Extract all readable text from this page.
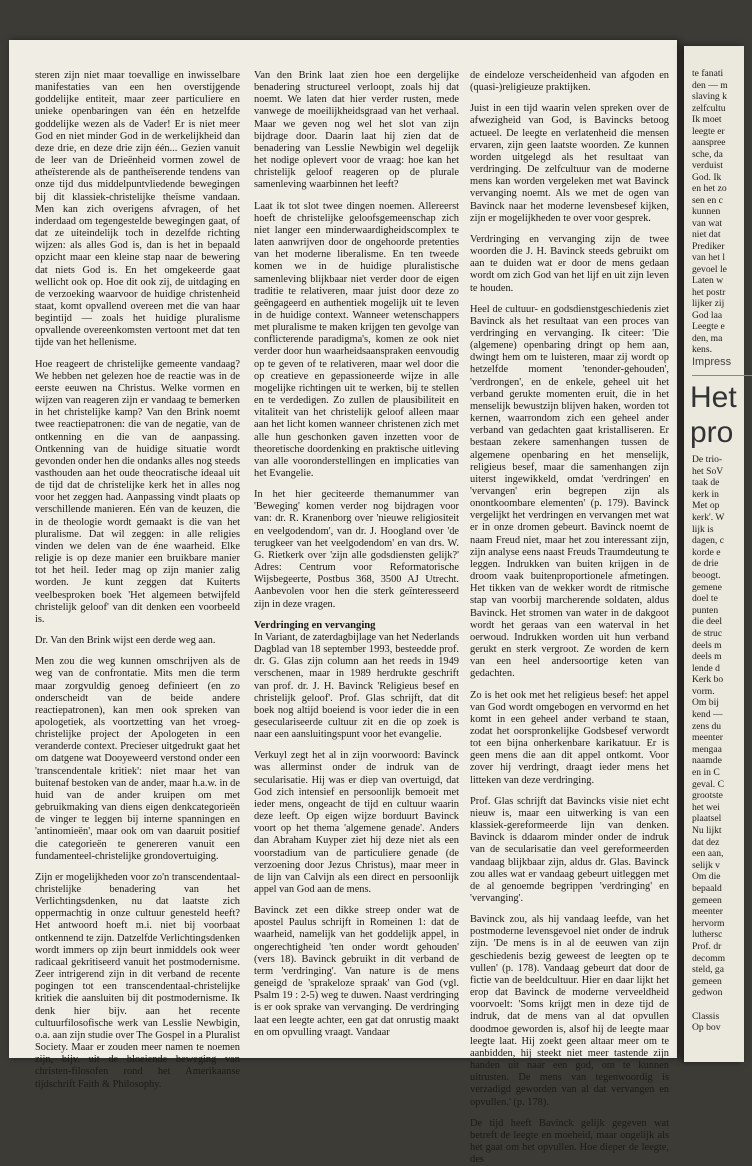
steren zijn niet maar toevallige en inwisselbare manifestaties van een hen overstijgende goddelijke entiteit, maar zeer particuliere en unieke openbaringen van één en hetzelfde goddelijke wezen als de Vader! Er is niet meer God en niet minder God in de werkelijkheid dan deze drie, en deze drie zijn één... Gezien vanuit de leer van de Drieënheid vormen zowel de atheïsterende als de pantheïserende tendens van onze tijd dus middelpuntvliedende bewegingen bij dit klassiek-christelijke theïsme vandaan. Men kan zich overigens afvragen, of het inderdaad om tegengestelde bewegingen gaat, of dat ze uiteindelijk toch in dezelfde richting wijzen: als alles God is, dan is het in bepaald opzicht maar een kleine stap naar de bewering dat niets God is. En het omgekeerde gaat wellicht ook op. Hoe dit ook zij, de uitdaging en de verzoeking waarvoor de huidige christenheid staat, komt opvallend overeen met die van haar begintijd — zoals het huidige pluralisme opvallende overeenkomsten vertoont met dat ten tijde van het hellenisme.

Hoe reageert de christelijke gemeente vandaag? We hebben net gelezen hoe de reactie was in de eerste eeuwen na Christus. Welke vormen en wijzen van reageren zijn er vandaag te bemerken in het christelijke kamp? Van den Brink noemt twee reactiepatronen: die van de negatie, van de ontkenning en die van de aanpassing. Ontkenning van de huidige situatie wordt gevonden onder hen die ondanks alles nog steeds vasthouden aan het oude theocratische ideaal uit de tijd dat de christelijke kerk het in alles nog voor het zeggen had. Aanpassing vindt plaats op verschillende manieren. Eén van de keuzen, die in de theologie wordt gemaakt is die van het pluralisme. Dat wil zeggen: in alle religies vinden we delen van de éne waarheid. Elke religie is op deze manier een bruikbare manier tot het heil. Ieder mag op zijn manier zalig worden. Je kunt zeggen dat Kuiterts veelbesproken boek 'Het algemeen betwijfeld christelijk geloof' van dit denken een voorbeeld is.

Dr. Van den Brink wijst een derde weg aan.

Men zou die weg kunnen omschrijven als de weg van de confrontatie. Mits men die term maar zorgvuldig genoeg definieert (en zo onderscheidt van de beide andere reactiepatronen), kan men ook spreken van apologetiek, als voortzetting van het vroeg-christelijke project der Apologeten in een veranderde context. Precieser uitgedrukt gaat het om datgene wat Dooyeweerd verstond onder een 'transcendentale kritiek': niet maar het van buitenaf bestoken van de ander, maar h.a.w. in de huid van de ander kruipen om met gebruikmaking van diens eigen denkcategorieën de vinger te leggen bij interne spanningen en 'antinomieën', maar ook om van daaruit positief die categorieën te genereren vanuit een fundamenteel-christelijke grondovertuiging.

Zijn er mogelijkheden voor zo'n transcendentaal-christelijke benadering van het Verlichtingsdenken, nu dat laatste zich oppermachtig in onze cultuur genesteld heeft? Het antwoord hoeft m.i. niet bij voorbaat ontkennend te zijn. Datzelfde Verlichtingsdenken wordt immers op zijn beurt inmiddels ook weer radicaal gekritiseerd vanuit het postmodernisme. Zeer intrigerend zijn in dit verband de recente pogingen tot een transcendentaal-christelijke kritiek die aansluiten bij dit postmodernisme. Ik denk hier bijv. aan het recente cultuurfilosofische werk van Lesslie Newbigin, o.a. aan zijn studie over The Gospel in a Pluralist Society. Maar er zouden meer namen te noemen zijn, bijv. uit de bloeiende beweging van christen-filosofen rond het Amerikaanse tijdschrift Faith & Philosophy.

Van den Brink laat zien hoe een dergelijke benadering structureel verloopt, zoals hij dat noemt. We laten dat hier verder rusten, mede vanwege de moeilijkheidsgraad van het verhaal. Maar we geven nog wel het slot van zijn bijdrage door. Daarin laat hij zien dat de benadering van Lesslie Newbigin wel degelijk het nodige oplevert voor de vraag: hoe kan het christelijk geloof reageren op de plurale samenleving waarbinnen het leeft?

Laat ik tot slot twee dingen noemen. Allereerst hoeft de christelijke geloofsgemeenschap zich niet langer een minderwaardigheidscomplex te laten aanwrijven door de ongehoorde pretenties van het moderne liberalisme. En ten tweede komen we in de huidige pluralistische samenleving blijkbaar niet verder door de eigen traditie te relativeren, maar juist door deze zo geëngageerd en authentiek mogelijk uit te leven in de huidige context. Wanneer wetenschappers met pluralisme te maken krijgen ten gevolge van conflicterende paradigma's, komen ze ook niet verder door hun waarheidsaanspraken eenvoudig op te geven of te relativeren, maar wel door die op creatieve en gepassioneerde wijze in alle mogelijke richtingen uit te werken, bij te stellen en te verdedigen. Zo zullen de plausibiliteit en vitaliteit van het christelijk geloof alleen maar aan het licht komen wanneer christenen zich met alle hun geschonken gaven inzetten voor de theoretische doordenking en praktische uitleving van alle vooronderstellingen en implicaties van het Evangelie.

In het hier geciteerde themanummer van 'Beweging' komen verder nog bijdragen voor van: dr. R. Kranenborg over 'nieuwe religiositeit en veelgodendom', van dr. J. Hoogland over 'de terugkeer van het veelgodendom' en van drs. W. G. Rietkerk over 'zijn alle godsdiensten gelijk?' Adres: Centrum voor Reformatorische Wijsbegeerte, Postbus 368, 3500 AJ Utrecht. Aanbevolen voor hen die sterk geïnteresseerd zijn in deze vragen.

Verdringing en vervanging

In Variant, de zaterdagbijlage van het Nederlands Dagblad van 18 september 1993, besteedde prof. dr. G. Glas zijn column aan het reeds in 1949 verschenen, maar in 1989 herdrukte geschrift van prof. dr. J. H. Bavinck 'Religieus besef en christelijk geloof'. Prof. Glas schrijft, dat dit boek nog altijd boeiend is voor ieder die in een geseculariseerde cultuur zit en die op zoek is naar een aansluitingspunt voor het evangelie.

Verkuyl zegt het al in zijn voorwoord: Bavinck was allerminst onder de indruk van de secularisatie. Hij was er diep van overtuigd, dat God zich intensief en persoonlijk bemoeit met ieder mens, ongeacht de tijd en cultuur waarin deze leeft. Op eigen wijze borduurt Bavinck voort op het thema 'algemene genade'. Anders dan Abraham Kuyper ziet hij deze niet als een voorstadium van de particuliere genade (de verzoening door Jezus Christus), maar meer in de lijn van Calvijn als een direct en persoonlijk appel van God aan de mens.

Bavinck zet een dikke streep onder wat de apostel Paulus schrijft in Romeinen 1: dat de waarheid, namelijk van het goddelijk appel, in ongerechtigheid 'ten onder wordt gehouden' (vers 18). Bavinck gebruikt in dit verband de term 'verdringing'. Van nature is de mens geneigd de 'sprakeloze spraak' van God (vgl. Psalm 19 : 2-5) weg te duwen. Naast verdringing is er ook sprake van vervanging. De verdringing laat een leegte achter, een gat dat onrustig maakt en om opvulling vraagt. Vandaar

de eindeloze verscheidenheid van afgoden en (quasi-)religieuze praktijken.

Juist in een tijd waarin velen spreken over de afwezigheid van God, is Bavincks betoog actueel. De leegte en verlatenheid die mensen ervaren, zijn geen laatste woorden. Ze kunnen worden uitgelegd als het resultaat van verdringing. De zelfcultuur van de moderne mens kan worden vergeleken met wat Bavinck vervanging noemt. Als we met de ogen van Bavinck naar het moderne levensbesef kijken, zijn er mogelijkheden te over voor gesprek.

Verdringing en vervanging zijn de twee woorden die J. H. Bavinck steeds gebruikt om aan te duiden wat er door de mens gedaan wordt om zich God van het lijf en uit zijn leven te houden.

Heel de cultuur- en godsdienstgeschiedenis ziet Bavinck als het resultaat van een proces van verdringing en vervanging. Ik citeer: 'Die (algemene) openbaring dringt op hem aan, dwingt hem om te luisteren, maar zij wordt op hetzelfde moment 'tenonder-gehouden', 'verdrongen', en de enkele, geheel uit het verband gerukte momenten eruit, die in het menselijk bewustzijn blijven haken, worden tot kernen, waarrondom zich een geheel ander verband van gedachten gaat kristalliseren. Er bestaan zekere samenhangen tussen de algemene openbaring en het menselijk, religieus besef, maar die samenhangen zijn uiterst ingewikkeld, omdat 'verdringen' en 'vervangen' erin begrepen zijn als onontkoombare elementen' (p. 179). Bavinck vergelijkt het verdringen en vervangen met wat er in onze dromen gebeurt. Bavinck noemt de naam Freud niet, maar het zou interessant zijn, zijn analyse eens naast Freuds Traumdeutung te leggen. Indrukken van buiten krijgen in de droom vaak buitenproportionele afmetingen. Het tikken van de wekker wordt de ritmische stap van voorbij marcherende soldaten, aldus Bavinck. Het stromen van water in de dakgoot wordt het geraas van een waterval in het oerwoud. Indrukken worden uit hun verband gerukt en sterk vergroot. Ze worden de kern van een heel andersoortige keten van gedachten.

Zo is het ook met het religieus besef: het appel van God wordt omgebogen en vervormd en het komt in een geheel ander verband te staan, zodat het oorspronkelijke Godsbesef verwordt tot een bijna onherkenbare karikatuur. Er is geen mens die aan dit appel ontkomt. Voor zover hij verdringt, draagt ieder mens het litteken van deze verdringing.

Prof. Glas schrijft dat Bavincks visie niet echt nieuw is, maar een uitwerking is van een klassiek-gereformeerde lijn van denken. Bavinck is ddaarom minder onder de indruk van de secularisatie dan veel gereformeerden vandaag blijkbaar zijn, aldus dr. Glas. Bavinck zou alles wat er vandaag gebeurt uitleggen met de al genoemde begrippen 'verdringing' en 'vervanging'.

Bavinck zou, als hij vandaag leefde, van het postmoderne levensgevoel niet onder de indruk zijn. 'De mens is in al de eeuwen van zijn geschiedenis bezig geweest de leegten op te vullen' (p. 178). Vandaag gebeurt dat door de fictie van de beeldcultuur. Hier en daar lijkt het erop dat Bavinck de moderne verveeldheid voorvoelt: 'Soms krijgt men in deze tijd de indruk, dat de mens van al dat opvullen doodmoe geworden is, alsof hij de leegte maar leegte laat. Hij zoekt geen altaar meer om te aanbidden, hij steekt niet meer tastende zijn handen uit naar een god, om te kunnen uitrusten. De mens van tegenwoordig is verzadigd geworden van al dat vervangen en opvullen.' (p. 178).

De tijd heeft Bavinck gelijk gegeven wat betreft de leegte en moeheid, maar ongelijk als het gaat om het opvullen. Hoe dieper de leegte, des

te fanati
den — m
slaving k
zelfcultu
Ik moet
leegte er
aanspree
sche, da
verduist
God. Ik
en het zo
sen en c
kunnen
van wat
niet dat
Prediker
van het l
gevoel le
Laten w
het postr
lijker zij
God laa
Leegte e
den, ma
kens.
Impress
Het
pro
De trio-
het SoV
taak de
kerk in
Met op
kerk'. W
lijk is
dagen, c
korde e
de drie
beoogt.
gemene
doel te
punten
die deel
de struc
deels m
deels m
lende d
Kerk bo
vorm.
Om bij
kend —
zens du
meenter
mengaa
naamde
en in C
geval. C
grootste
het wei
plaatsel
Nu lijkt
dat dez
een aan,
selijk v
Om die
bepaald
gemeen
meenter
hervorm
luthersc
Prof. dr
decomm
steld, ga
gemeen
gedwon
Classis
Op bov
